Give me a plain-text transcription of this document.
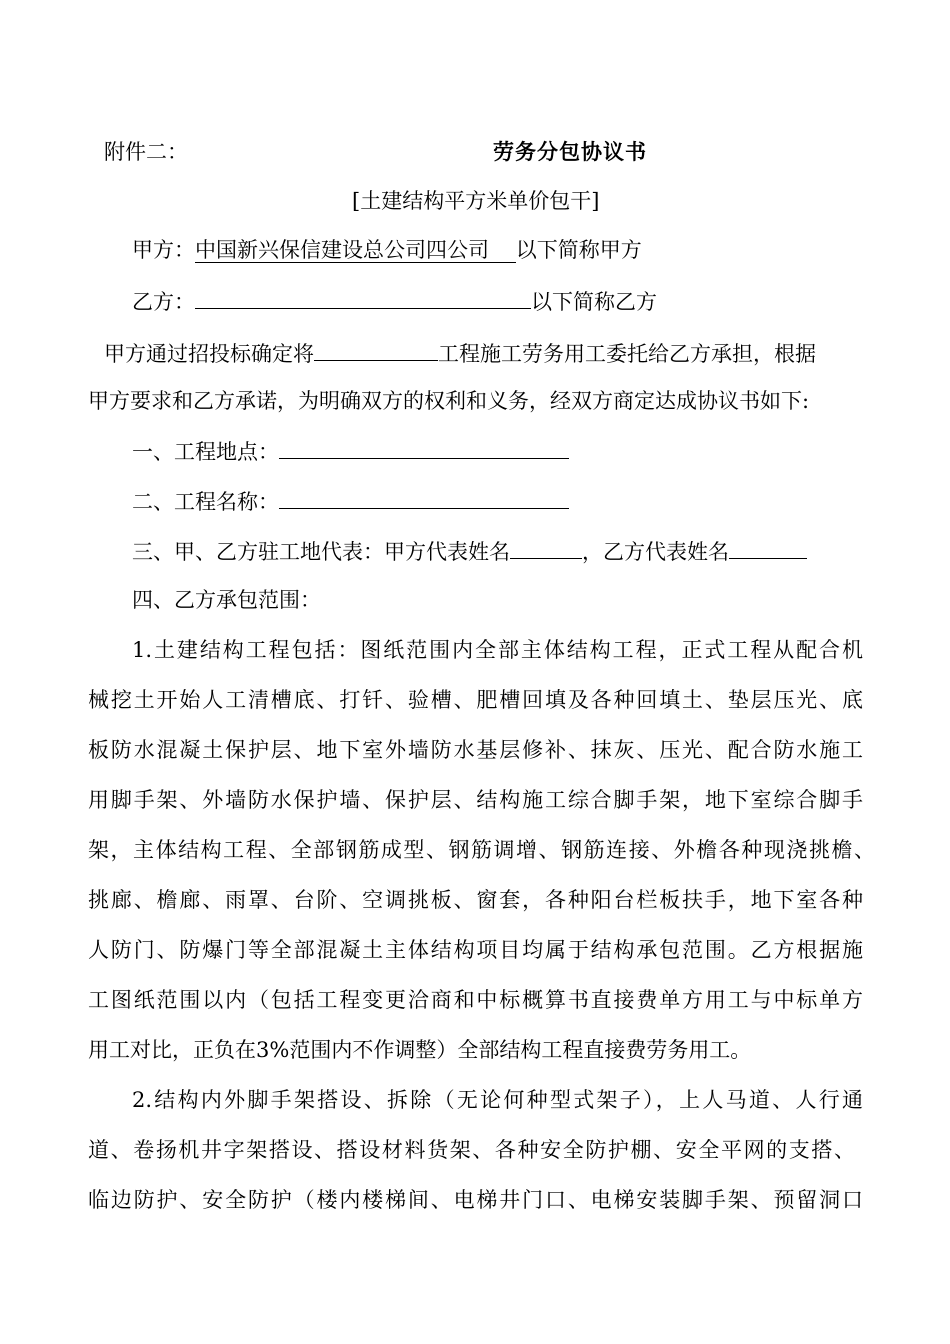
附件二：	劳务分包协议书
[土建结构平方米单价包干]
甲方：中国新兴保信建设总公司四公司 以下简称甲方
乙方：	以下简称乙方
甲方通过招投标确定将	工程施工劳务用工委托给乙方承担，根据
甲方要求和乙方承诺，为明确双方的权利和义务，经双方商定达成协议书如下:
一、工程地点：
二、工程名称：
三、甲、乙方驻工地代表：甲方代表姓名	，乙方代表姓名
四、乙方承包范围：
1.土建结构工程包括：图纸范围内全部主体结构工程，正式工程从配合机
械挖土开始人工清槽底、打钎、验槽、肥槽回填及各种回填土、垫层压光、底
板防水混凝土保护层、地下室外墙防水基层修补、抹灰、压光、配合防水施工
用脚手架、外墙防水保护墙、保护层、结构施工综合脚手架，地下室综合脚手
架，主体结构工程、全部钢筋成型、钢筋调增、钢筋连接、外檐各种现浇挑檐、
挑廊、檐廊、雨罩、台阶、空调挑板、窗套，各种阳台栏板扶手，地下室各种
人防门、防爆门等全部混凝土主体结构项目均属于结构承包范围。乙方根据施
工图纸范围以内（包括工程变更洽商和中标概算书直接费单方用工与中标单方
用工对比，正负在3%范围内不作调整）全部结构工程直接费劳务用工。
2.结构内外脚手架搭设、拆除（无论何种型式架子），上人马道、人行通
道、卷扬机井字架搭设、搭设材料货架、各种安全防护棚、安全平网的支搭、
临边防护、安全防护（楼内楼梯间、电梯井门口、电梯安装脚手架、预留洞口
